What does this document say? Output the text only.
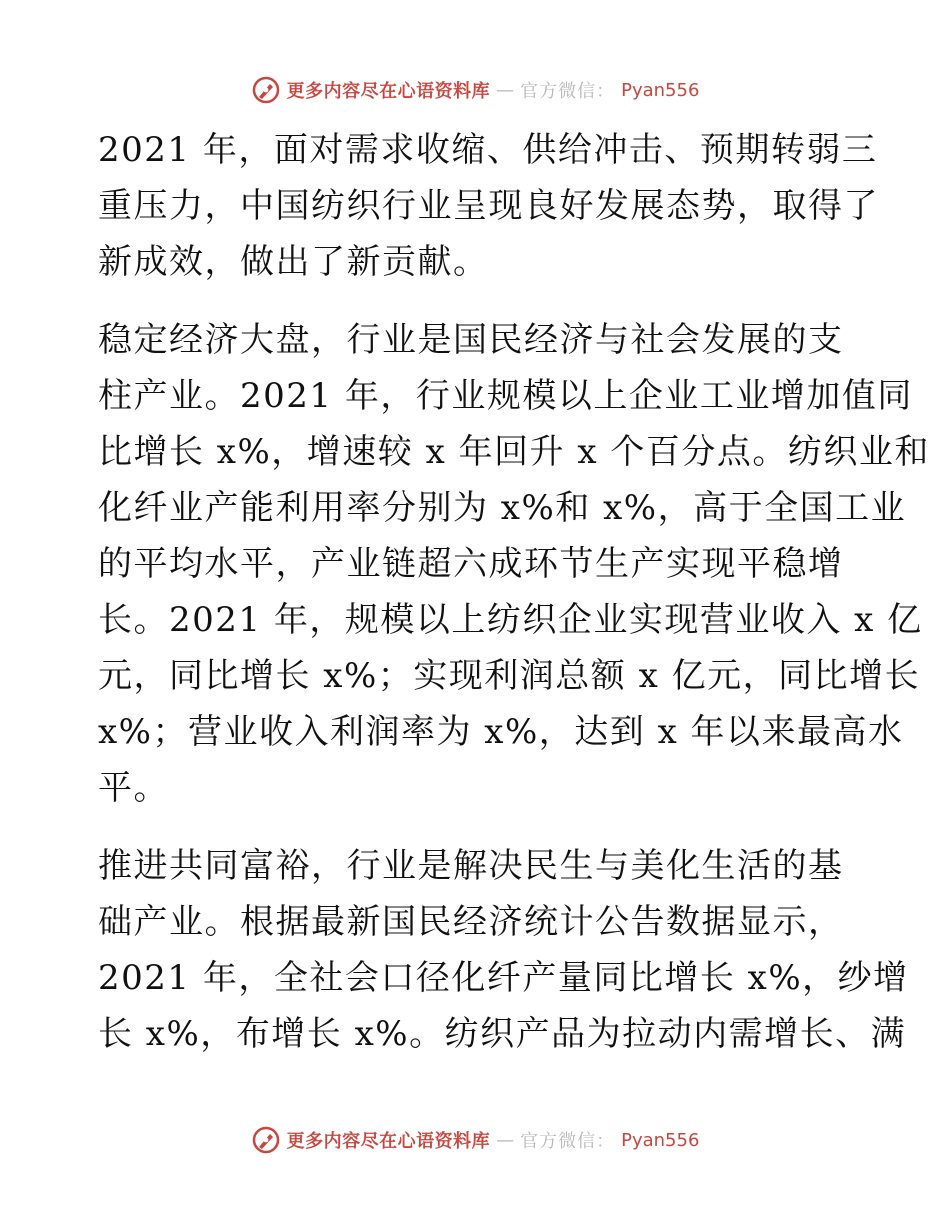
更多内容尽在心语资料库 — 官方微信： Pyan556
2021 年，面对需求收缩、供给冲击、预期转弱三
重压力，中国纺织行业呈现良好发展态势，取得了
新成效，做出了新贡献。
稳定经济大盘，行业是国民经济与社会发展的支
柱产业。2021 年，行业规模以上企业工业增加值同
比增长 x%，增速较 x 年回升 x 个百分点。纺织业和
化纤业产能利用率分别为 x%和 x%，高于全国工业
的平均水平，产业链超六成环节生产实现平稳增
长。2021 年，规模以上纺织企业实现营业收入 x 亿
元，同比增长 x%；实现利润总额 x 亿元，同比增长
x%；营业收入利润率为 x%，达到 x 年以来最高水
平。
推进共同富裕，行业是解决民生与美化生活的基
础产业。根据最新国民经济统计公告数据显示，
2021 年，全社会口径化纤产量同比增长 x%，纱增
长 x%，布增长 x%。纺织产品为拉动内需增长、满
更多内容尽在心语资料库 — 官方微信： Pyan556
